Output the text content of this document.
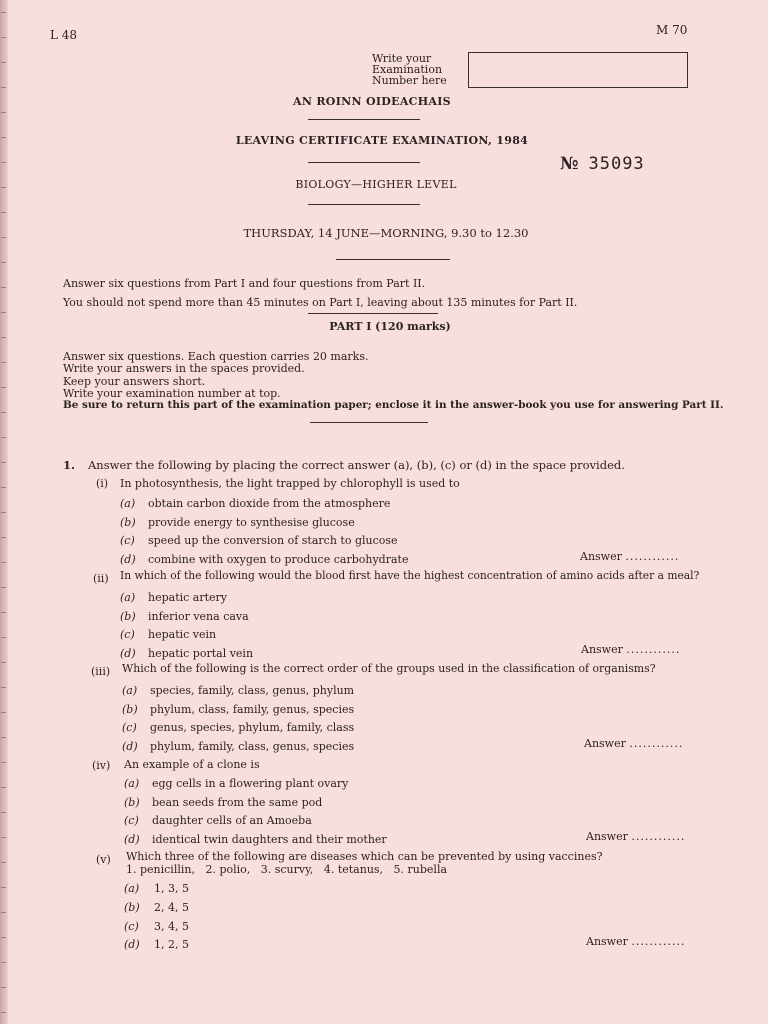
L 48	M 70
Write your
Examination
Number here
AN ROINN OIDEACHAIS
LEAVING CERTIFICATE EXAMINATION, 1984
№ 35093
BIOLOGY—HIGHER LEVEL
THURSDAY, 14 JUNE—MORNING, 9.30 to 12.30
Answer six questions from Part I and four questions from Part II.
You should not spend more than 45 minutes on Part I, leaving about 135 minutes for Part II.
PART I (120 marks)
Answer six questions. Each question carries 20 marks.
Write your answers in the spaces provided.
Keep your answers short.
Write your examination number at top.
Be sure to return this part of the examination paper; enclose it in the answer-book you use for answering Part II.
1. Answer the following by placing the correct answer (a), (b), (c) or (d) in the space provided.
(i) In photosynthesis, the light trapped by chlorophyll is used to
(a) obtain carbon dioxide from the atmosphere
(b) provide energy to synthesise glucose
(c) speed up the conversion of starch to glucose
(d) combine with oxygen to produce carbohydrate	Answer ............
(ii) In which of the following would the blood first have the highest concentration of amino acids after a meal?
(a) hepatic artery
(b) inferior vena cava
(c) hepatic vein
(d) hepatic portal vein	Answer ............
(iii) Which of the following is the correct order of the groups used in the classification of organisms?
(a) species, family, class, genus, phylum
(b) phylum, class, family, genus, species
(c) genus, species, phylum, family, class
(d) phylum, family, class, genus, species	Answer ............
(iv) An example of a clone is
(a) egg cells in a flowering plant ovary
(b) bean seeds from the same pod
(c) daughter cells of an Amoeba
(d) identical twin daughters and their mother	Answer ............
(v) Which three of the following are diseases which can be prevented by using vaccines?
1. penicillin,   2. polio,   3. scurvy,   4. tetanus,   5. rubella
(a) 1, 3, 5
(b) 2, 4, 5
(c) 3, 4, 5
(d) 1, 2, 5	Answer ............
